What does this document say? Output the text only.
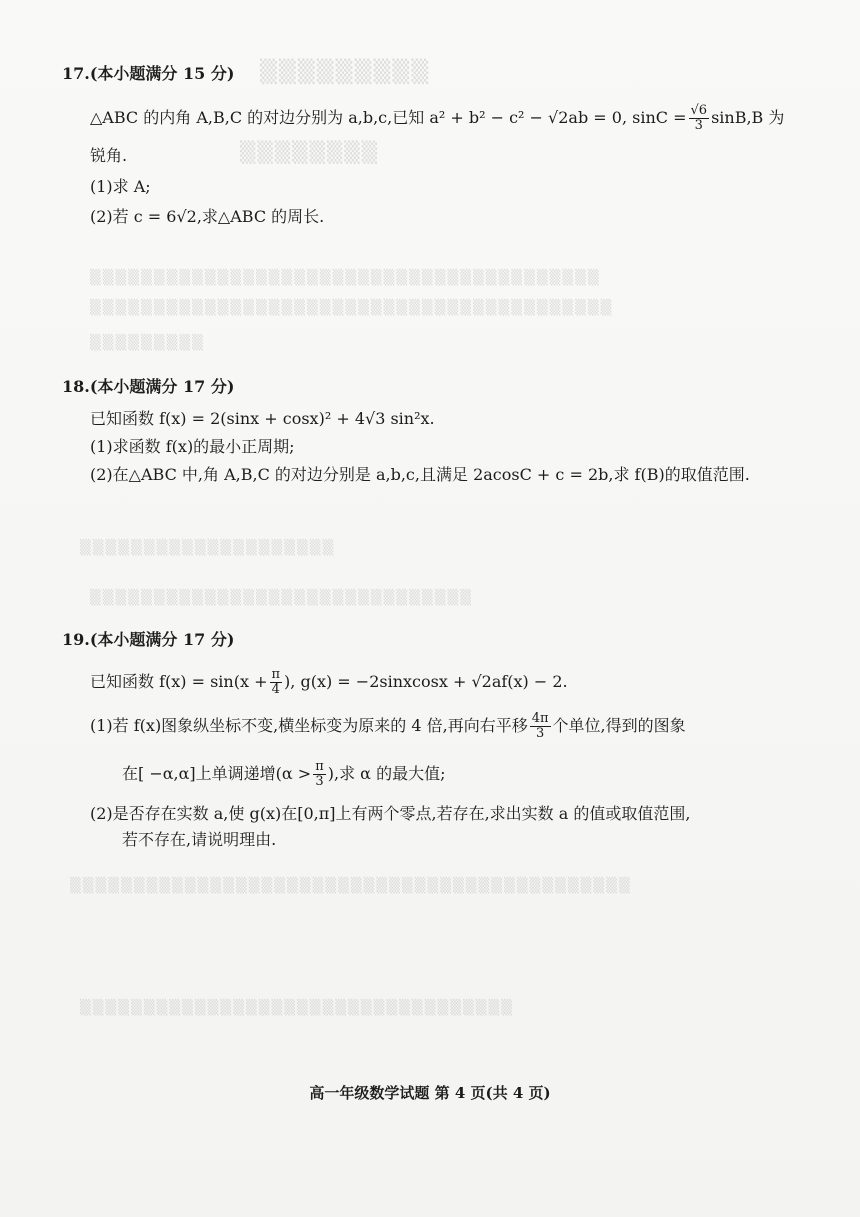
▒▒▒▒▒▒▒▒▒
▒▒▒▒▒▒▒▒
▒▒▒▒▒▒▒▒▒▒▒▒▒▒▒▒▒▒▒▒▒▒▒▒▒▒▒▒▒▒▒▒▒▒▒▒▒▒▒▒
▒▒▒▒▒▒▒▒▒▒▒▒▒▒▒▒▒▒▒▒▒▒▒▒▒▒▒▒▒▒▒▒▒▒▒▒▒▒▒▒▒
▒▒▒▒▒▒▒▒▒
▒▒▒▒▒▒▒▒▒▒▒▒▒▒▒▒▒▒▒▒
▒▒▒▒▒▒▒▒▒▒▒▒▒▒▒▒▒▒▒▒▒▒▒▒▒▒▒▒▒▒
▒▒▒▒▒▒▒▒▒▒▒▒▒▒▒▒▒▒▒▒▒▒▒▒▒▒▒▒▒▒▒▒▒▒▒▒▒▒▒▒▒▒▒▒
▒▒▒▒▒▒▒▒▒▒▒▒▒▒▒▒▒▒▒▒▒▒▒▒▒▒▒▒▒▒▒▒▒▒
17.(本小题满分 15 分)
△ABC 的内角 A,B,C 的对边分别为 a,b,c,已知 a² + b² − c² − √2ab = 0, $\sin C = \frac{√6}{3} \sin B,B$ 为
锐角.
(1)求 A;
(2)若 c = 6√2,求△ABC 的周长.
18.(本小题满分 17 分)
已知函数 f(x) = 2(sinx + cosx)² + 4√3 sin²x.
(1)求函数 f(x)的最小正周期;
(2)在△ABC 中,角 A,B,C 的对边分别是 a,b,c,且满足 2acosC + c = 2b,求 f(B)的取值范围.
19.(本小题满分 17 分)
已知函数 $f(x) = \sin(x + \frac{\pi}{4}$ ), g(x) = −2sinxcosx + √2af(x) − 2.
(1)若 f(x)图象纵坐标不变,横坐标变为原来的 4 倍,再向右平移 $\frac{4\pi}{3}$ 个单位,得到的图象
在[ −α,α]上单调递增($\alpha > \frac{\pi}{3}$ ),求 α 的最大值;
(2)是否存在实数 a,使 g(x)在[0,π]上有两个零点,若存在,求出实数 a 的值或取值范围,
若不存在,请说明理由.
高一年级数学试题 第 4 页(共 4 页)
